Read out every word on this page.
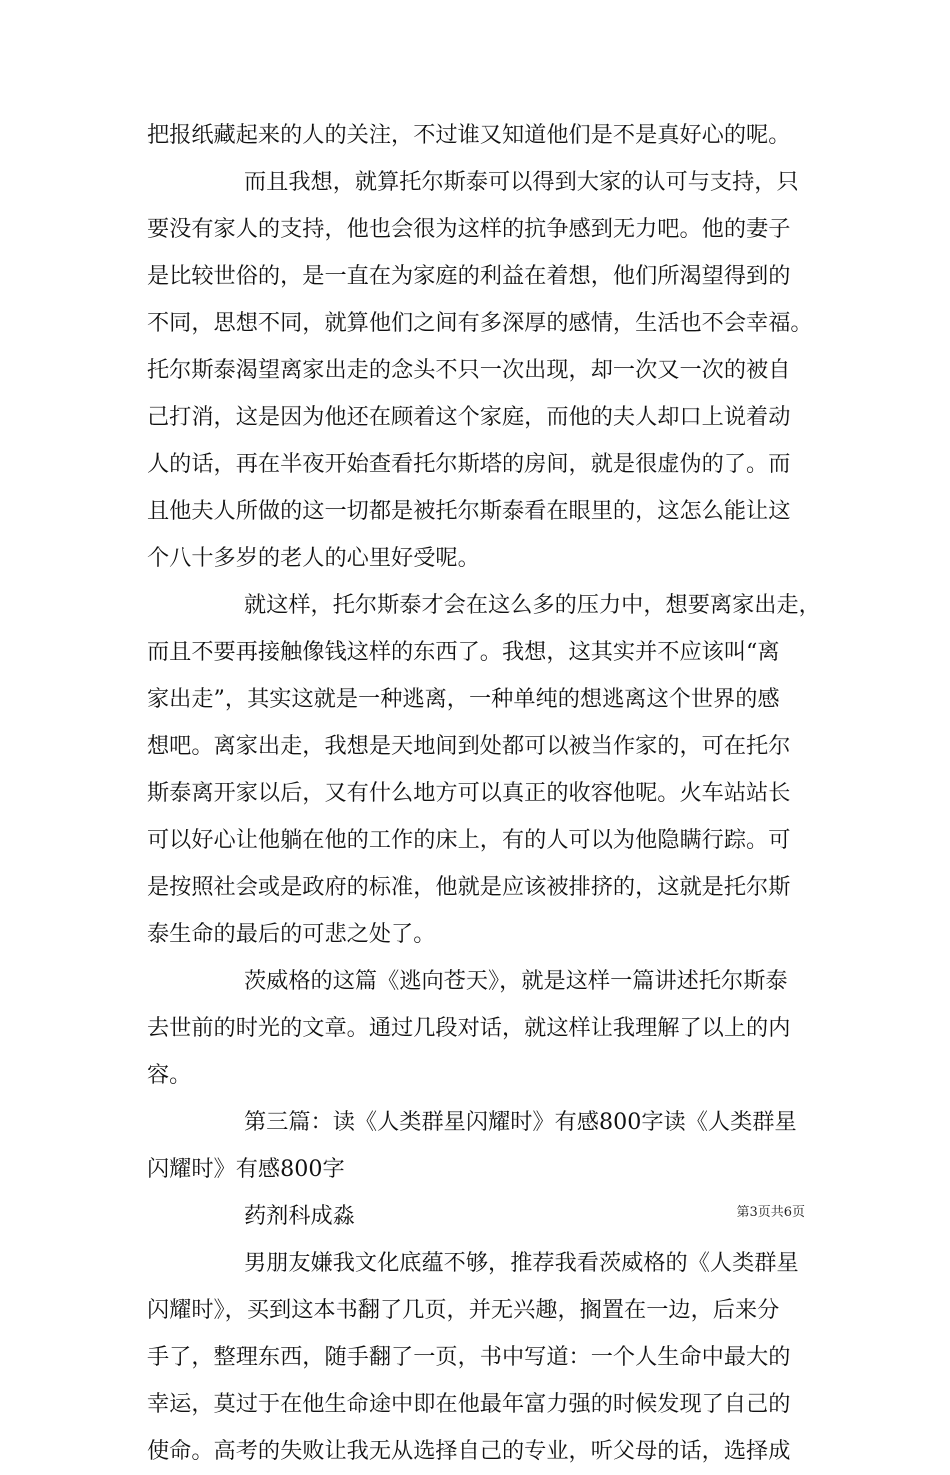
把报纸藏起来的人的关注，不过谁又知道他们是不是真好心的呢。
而且我想，就算托尔斯泰可以得到大家的认可与支持，只
要没有家人的支持，他也会很为这样的抗争感到无力吧。他的妻子
是比较世俗的，是一直在为家庭的利益在着想，他们所渴望得到的
不同，思想不同，就算他们之间有多深厚的感情，生活也不会幸福。
托尔斯泰渴望离家出走的念头不只一次出现，却一次又一次的被自
己打消，这是因为他还在顾着这个家庭，而他的夫人却口上说着动
人的话，再在半夜开始查看托尔斯塔的房间，就是很虚伪的了。而
且他夫人所做的这一切都是被托尔斯泰看在眼里的，这怎么能让这
个八十多岁的老人的心里好受呢。
就这样，托尔斯泰才会在这么多的压力中，想要离家出走，
而且不要再接触像钱这样的东西了。我想，这其实并不应该叫“离
家出走”，其实这就是一种逃离，一种单纯的想逃离这个世界的感
想吧。离家出走，我想是天地间到处都可以被当作家的，可在托尔
斯泰离开家以后，又有什么地方可以真正的收容他呢。火车站站长
可以好心让他躺在他的工作的床上，有的人可以为他隐瞒行踪。可
是按照社会或是政府的标准，他就是应该被排挤的，这就是托尔斯
泰生命的最后的可悲之处了。
茨威格的这篇《逃向苍天》，就是这样一篇讲述托尔斯泰
去世前的时光的文章。通过几段对话，就这样让我理解了以上的内
容。
第三篇：读《人类群星闪耀时》有感800字读《人类群星
闪耀时》有感800字
药剂科成淼
男朋友嫌我文化底蕴不够，推荐我看茨威格的《人类群星
闪耀时》，买到这本书翻了几页，并无兴趣，搁置在一边，后来分
手了，整理东西，随手翻了一页，书中写道：一个人生命中最大的
幸运，莫过于在他生命途中即在他最年富力强的时候发现了自己的
使命。高考的失败让我无从选择自己的专业，听父母的话，选择成
第3页共6页
